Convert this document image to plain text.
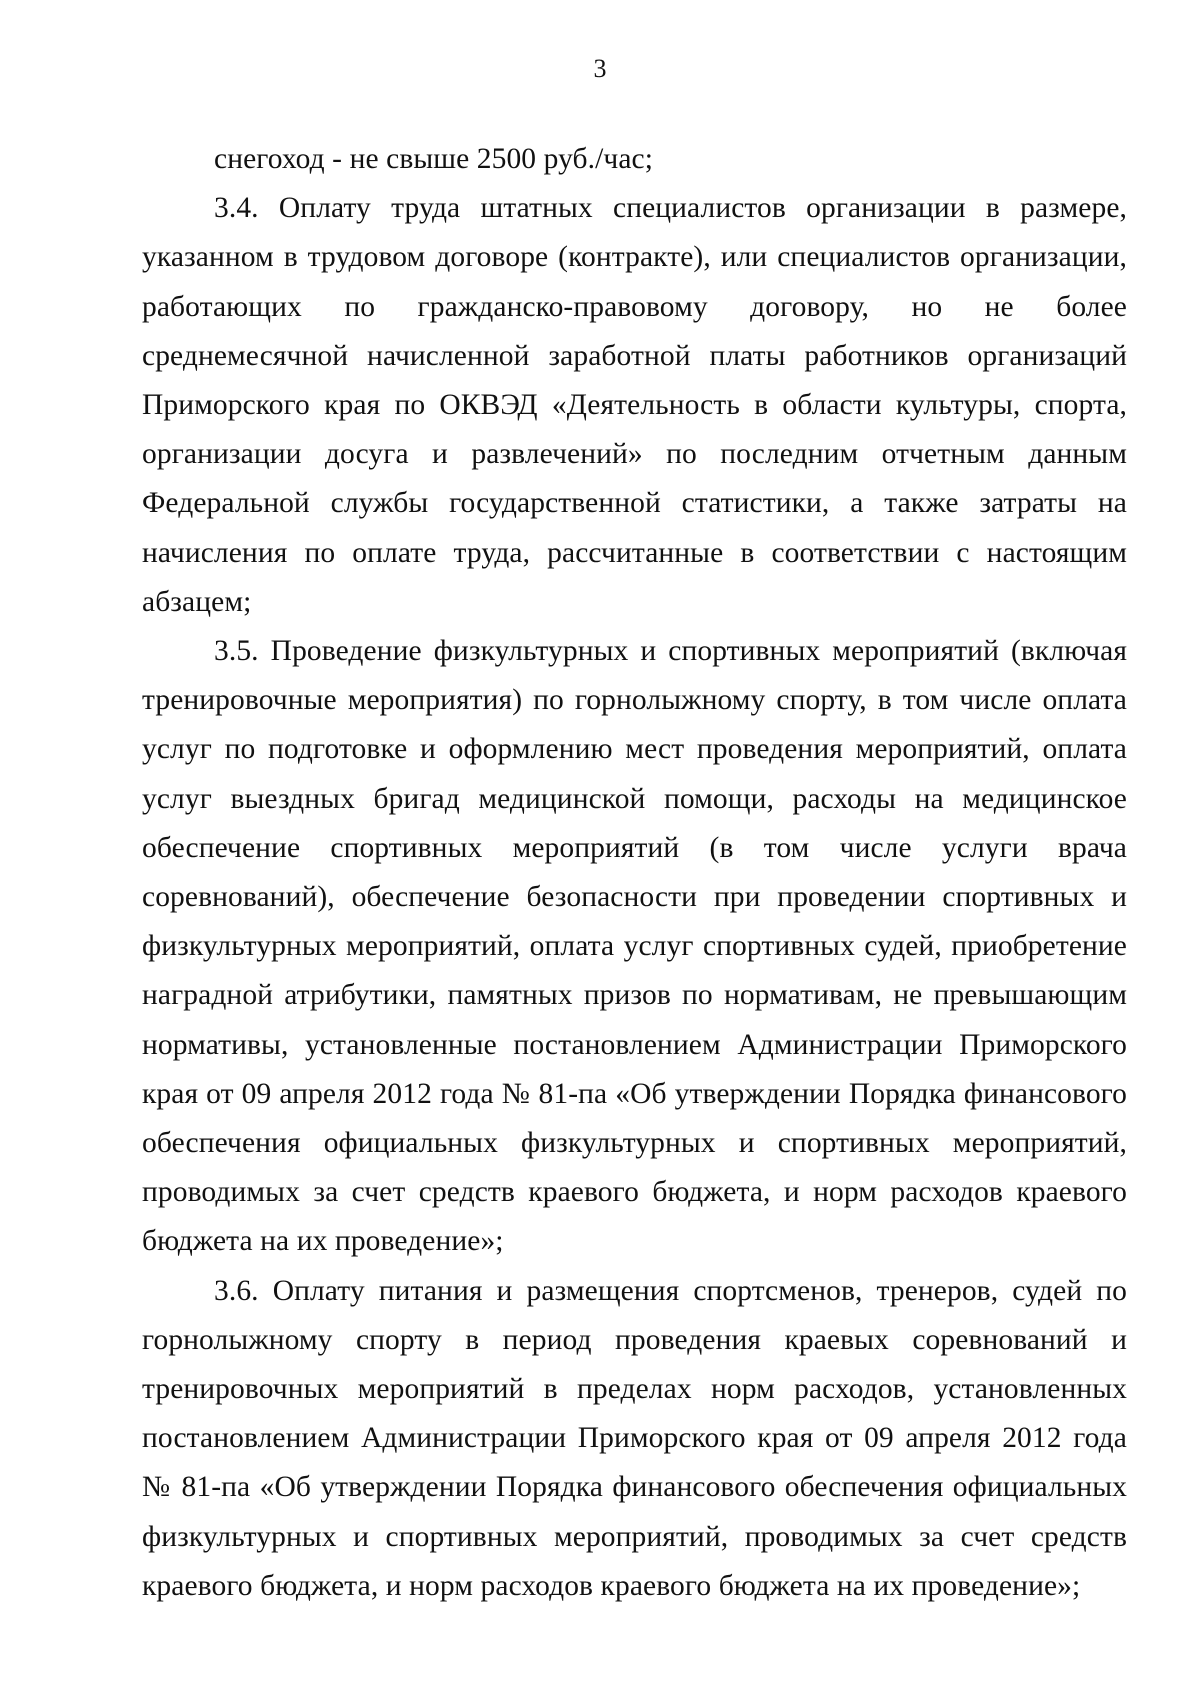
3

снегоход - не свыше 2500 руб./час;

3.4. Оплату труда штатных специалистов организации в размере, указанном в трудовом договоре (контракте), или специалистов организации, работающих по гражданско-правовому договору, но не более среднемесячной начисленной заработной платы работников организаций Приморского края по ОКВЭД «Деятельность в области культуры, спорта, организации досуга и развлечений» по последним отчетным данным Федеральной службы государственной статистики, а также затраты на начисления по оплате труда, рассчитанные в соответствии с настоящим абзацем;

3.5. Проведение физкультурных и спортивных мероприятий (включая тренировочные мероприятия) по горнолыжному спорту, в том числе оплата услуг по подготовке и оформлению мест проведения мероприятий, оплата услуг выездных бригад медицинской помощи, расходы на медицинское обеспечение спортивных мероприятий (в том числе услуги врача соревнований), обеспечение безопасности при проведении спортивных и физкультурных мероприятий, оплата услуг спортивных судей, приобретение наградной атрибутики, памятных призов по нормативам, не превышающим нормативы, установленные постановлением Администрации Приморского края от 09 апреля 2012 года № 81-па «Об утверждении Порядка финансового обеспечения официальных физкультурных и спортивных мероприятий, проводимых за счет средств краевого бюджета, и норм расходов краевого бюджета на их проведение»;

3.6. Оплату питания и размещения спортсменов, тренеров, судей по горнолыжному спорту в период проведения краевых соревнований и тренировочных мероприятий в пределах норм расходов, установленных постановлением Администрации Приморского края от 09 апреля 2012 года № 81-па «Об утверждении Порядка финансового обеспечения официальных физкультурных и спортивных мероприятий, проводимых за счет средств краевого бюджета, и норм расходов краевого бюджета на их проведение»;
